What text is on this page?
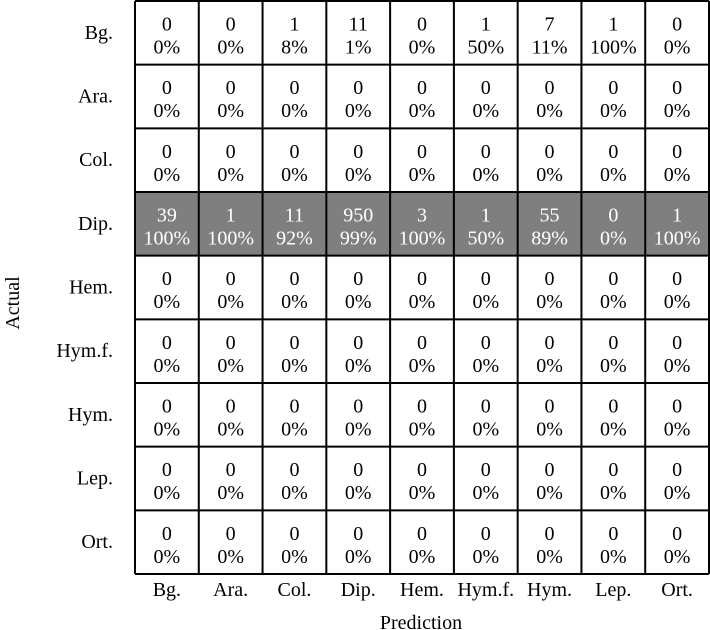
0
0%
0
0%
1
8%
11
1%
0
0%
1
50%
7
11%
1
100%
0
0%
0
0%
0
0%
0
0%
0
0%
0
0%
0
0%
0
0%
0
0%
0
0%
0
0%
0
0%
0
0%
0
0%
0
0%
0
0%
0
0%
0
0%
0
0%
39
100%
1
100%
11
92%
950
99%
3
100%
1
50%
55
89%
0
0%
1
100%
0
0%
0
0%
0
0%
0
0%
0
0%
0
0%
0
0%
0
0%
0
0%
0
0%
0
0%
0
0%
0
0%
0
0%
0
0%
0
0%
0
0%
0
0%
0
0%
0
0%
0
0%
0
0%
0
0%
0
0%
0
0%
0
0%
0
0%
0
0%
0
0%
0
0%
0
0%
0
0%
0
0%
0
0%
0
0%
0
0%
0
0%
0
0%
0
0%
0
0%
0
0%
0
0%
0
0%
0
0%
0
0%
Bg.
Ara.
Col.
Dip.
Hem.
Hym.f.
Hym.
Lep.
Ort.
Bg. Ara. Col. Dip. Hem. Hym.f. Hym. Lep. Ort.
Prediction
Actual
